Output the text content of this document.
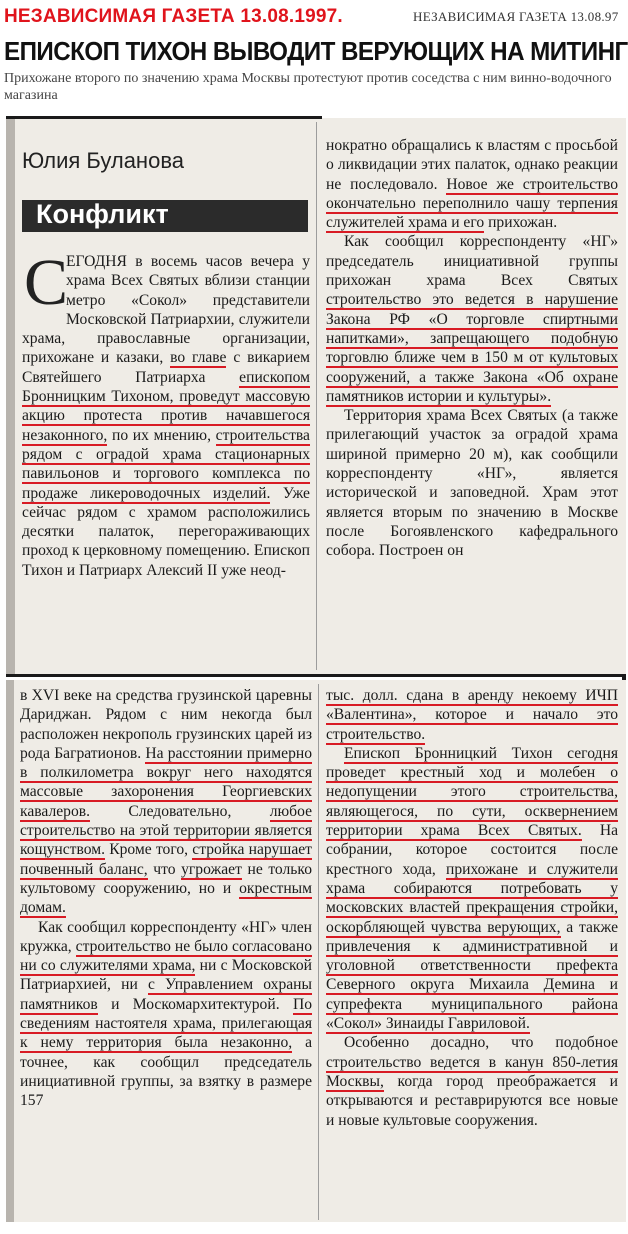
НЕЗАВИСИМАЯ ГАЗЕТА 13.08.1997.	НЕЗАВИСИМАЯ ГАЗЕТА 13.08.97
ЕПИСКОП ТИХОН ВЫВОДИТ ВЕРУЮЩИХ НА МИТИНГ
Прихожане второго по значению храма Москвы протестуют против соседства с ним винно-водочного магазина
Юлия Буланова
Конфликт
С

ЕГОДНЯ в восемь часов вечера у храма Всех Святых вблизи станции метро «Сокол» представители Московской Патриархии, служители храма, православные организации, прихожане и казаки, во главе с викарием Святейшего Патриарха епископом Бронницким Тихоном, проведут массовую акцию протеста против начавшегося незаконного, по их мнению, строительства рядом с оградой храма стационарных павильонов и торгового комплекса по продаже ликероводочных изделий. Уже сейчас рядом с храмом расположились десятки палаток, перегораживающих проход к церковному помещению. Епископ Тихон и Патриарх Алексий II уже неод-

нократно обращались к властям с просьбой о ликвидации этих палаток, однако реакции не последовало. Новое же строительство окончательно переполнило чашу терпения служителей храма и его прихожан.

Как сообщил корреспонденту «НГ» председатель инициативной группы прихожан храма Всех Святых строительство это ведется в нарушение Закона РФ «О торговле спиртными напитками», запрещающего подобную торговлю ближе чем в 150 м от культовых сооружений, а также Закона «Об охране памятников истории и культуры».

Территория храма Всех Святых (а также прилегающий участок за оградой храма шириной примерно 20 м), как сообщили корреспонденту «НГ», является исторической и заповедной. Храм этот является вторым по значению в Москве после Богоявленского кафедрального собора. Построен он

в XVI веке на средства грузинской царевны Дариджан. Рядом с ним некогда был расположен некрополь грузинских царей из рода Багратионов. На расстоянии примерно в полкилометра вокруг него находятся массовые захоронения Георгиевских кавалеров. Следовательно, любое строительство на этой территории является кощунством. Кроме того, стройка нарушает почвенный баланс, что угрожает не только культовому сооружению, но и окрестным домам.

Как сообщил корреспонденту «НГ» член кружка, строительство не было согласовано ни со служителями храма, ни с Московской Патриархией, ни с Управлением охраны памятников и Москомархитектурой. По сведениям настоятеля храма, прилегающая к нему территория была незаконно, а точнее, как сообщил председатель инициативной группы, за взятку в размере 157

тыс. долл. сдана в аренду некоему ИЧП «Валентина», которое и начало это строительство.

Епископ Бронницкий Тихон сегодня проведет крестный ход и молебен о недопущении этого строительства, являющегося, по сути, осквернением территории храма Всех Святых. На собрании, которое состоится после крестного хода, прихожане и служители храма собираются потребовать у московских властей прекращения стройки, оскорбляющей чувства верующих, а также привлечения к административной и уголовной ответственности префекта Северного округа Михаила Демина и супрефекта муниципального района «Сокол» Зинаиды Гавриловой.

Особенно досадно, что подобное строительство ведется в канун 850-летия Москвы, когда город преображается и открываются и реставрируются все новые и новые культовые сооружения.
